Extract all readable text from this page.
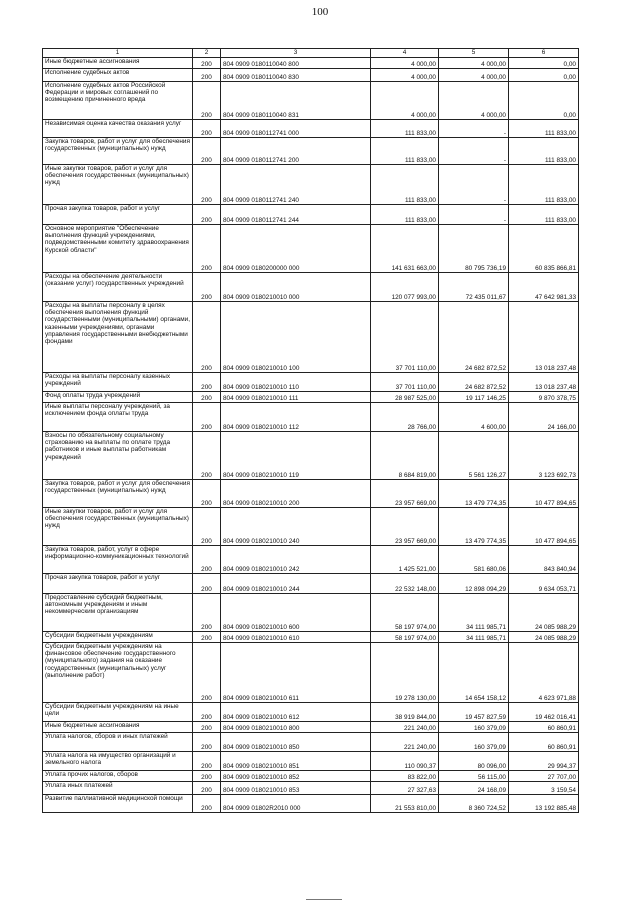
100
1	2	3	4	5	6
Иные бюджетные ассигнования	200	804 0909 0180110040 800	4 000,00	4 000,00	0,00
Исполнение судебных актов	200	804 0909 0180110040 830	4 000,00	4 000,00	0,00
Исполнение судебных актов Российской Федерации и мировых соглашений по возмещению причиненного вреда	200	804 0909 0180110040 831	4 000,00	4 000,00	0,00
Независимая оценка качества оказания услуг	200	804 0909 0180112741 000	111 833,00	-	111 833,00
Закупка товаров, работ и услуг для обеспечения государственных (муниципальных) нужд	200	804 0909 0180112741 200	111 833,00	-	111 833,00
Иные закупки товаров, работ и услуг для обеспечения государственных (муниципальных) нужд	200	804 0909 0180112741 240	111 833,00	-	111 833,00
Прочая закупка товаров, работ и услуг	200	804 0909 0180112741 244	111 833,00	-	111 833,00
Основное мероприятие "Обеспечение выполнения функций учреждениями, подведомственными комитету здравоохранения Курской области"	200	804 0909 0180200000 000	141 631 663,00	80 795 736,19	60 835 866,81
Расходы на обеспечение деятельности (оказание услуг) государственных учреждений	200	804 0909 0180210010 000	120 077 993,00	72 435 011,67	47 642 981,33
Расходы на выплаты персоналу в целях обеспечения выполнения функций государственными (муниципальными) органами, казенными учреждениями, органами управления государственными внебюджетными фондами	200	804 0909 0180210010 100	37 701 110,00	24 682 872,52	13 018 237,48
Расходы на выплаты персоналу казенных учреждений	200	804 0909 0180210010 110	37 701 110,00	24 682 872,52	13 018 237,48
Фонд оплаты труда учреждений	200	804 0909 0180210010 111	28 987 525,00	19 117 146,25	9 870 378,75
Иные выплаты персоналу учреждений, за исключением фонда оплаты труда	200	804 0909 0180210010 112	28 766,00	4 600,00	24 166,00
Взносы по обязательному социальному страхованию на выплаты по оплате труда работников и иные выплаты работникам учреждений	200	804 0909 0180210010 119	8 684 819,00	5 561 126,27	3 123 692,73
Закупка товаров, работ и услуг для обеспечения государственных (муниципальных) нужд	200	804 0909 0180210010 200	23 957 669,00	13 479 774,35	10 477 894,65
Иные закупки товаров, работ и услуг для обеспечения государственных (муниципальных) нужд	200	804 0909 0180210010 240	23 957 669,00	13 479 774,35	10 477 894,65
Закупка товаров, работ, услуг в сфере информационно-коммуникационных технологий	200	804 0909 0180210010 242	1 425 521,00	581 680,06	843 840,94
Прочая закупка товаров, работ и услуг	200	804 0909 0180210010 244	22 532 148,00	12 898 094,29	9 634 053,71
Предоставление субсидий бюджетным, автономным учреждениям и иным некоммерческим организациям	200	804 0909 0180210010 600	58 197 974,00	34 111 985,71	24 085 988,29
Субсидии бюджетным учреждениям	200	804 0909 0180210010 610	58 197 974,00	34 111 985,71	24 085 988,29
Субсидии бюджетным учреждениям на финансовое обеспечение государственного (муниципального) задания на оказание государственных (муниципальных) услуг (выполнение работ)	200	804 0909 0180210010 611	19 278 130,00	14 654 158,12	4 623 971,88
Субсидии бюджетным учреждениям на иные цели	200	804 0909 0180210010 612	38 919 844,00	19 457 827,59	19 462 016,41
Иные бюджетные ассигнования	200	804 0909 0180210010 800	221 240,00	160 379,09	60 860,91
Уплата налогов, сборов и иных платежей	200	804 0909 0180210010 850	221 240,00	160 379,09	60 860,91
Уплата налога на имущество организаций и земельного налога	200	804 0909 0180210010 851	110 090,37	80 096,00	29 994,37
Уплата прочих налогов, сборов	200	804 0909 0180210010 852	83 822,00	56 115,00	27 707,00
Уплата иных платежей	200	804 0909 0180210010 853	27 327,63	24 168,09	3 159,54
Развитие паллиативной медицинской помощи	200	804 0909 01802R2010 000	21 553 810,00	8 360 724,52	13 192 885,48
